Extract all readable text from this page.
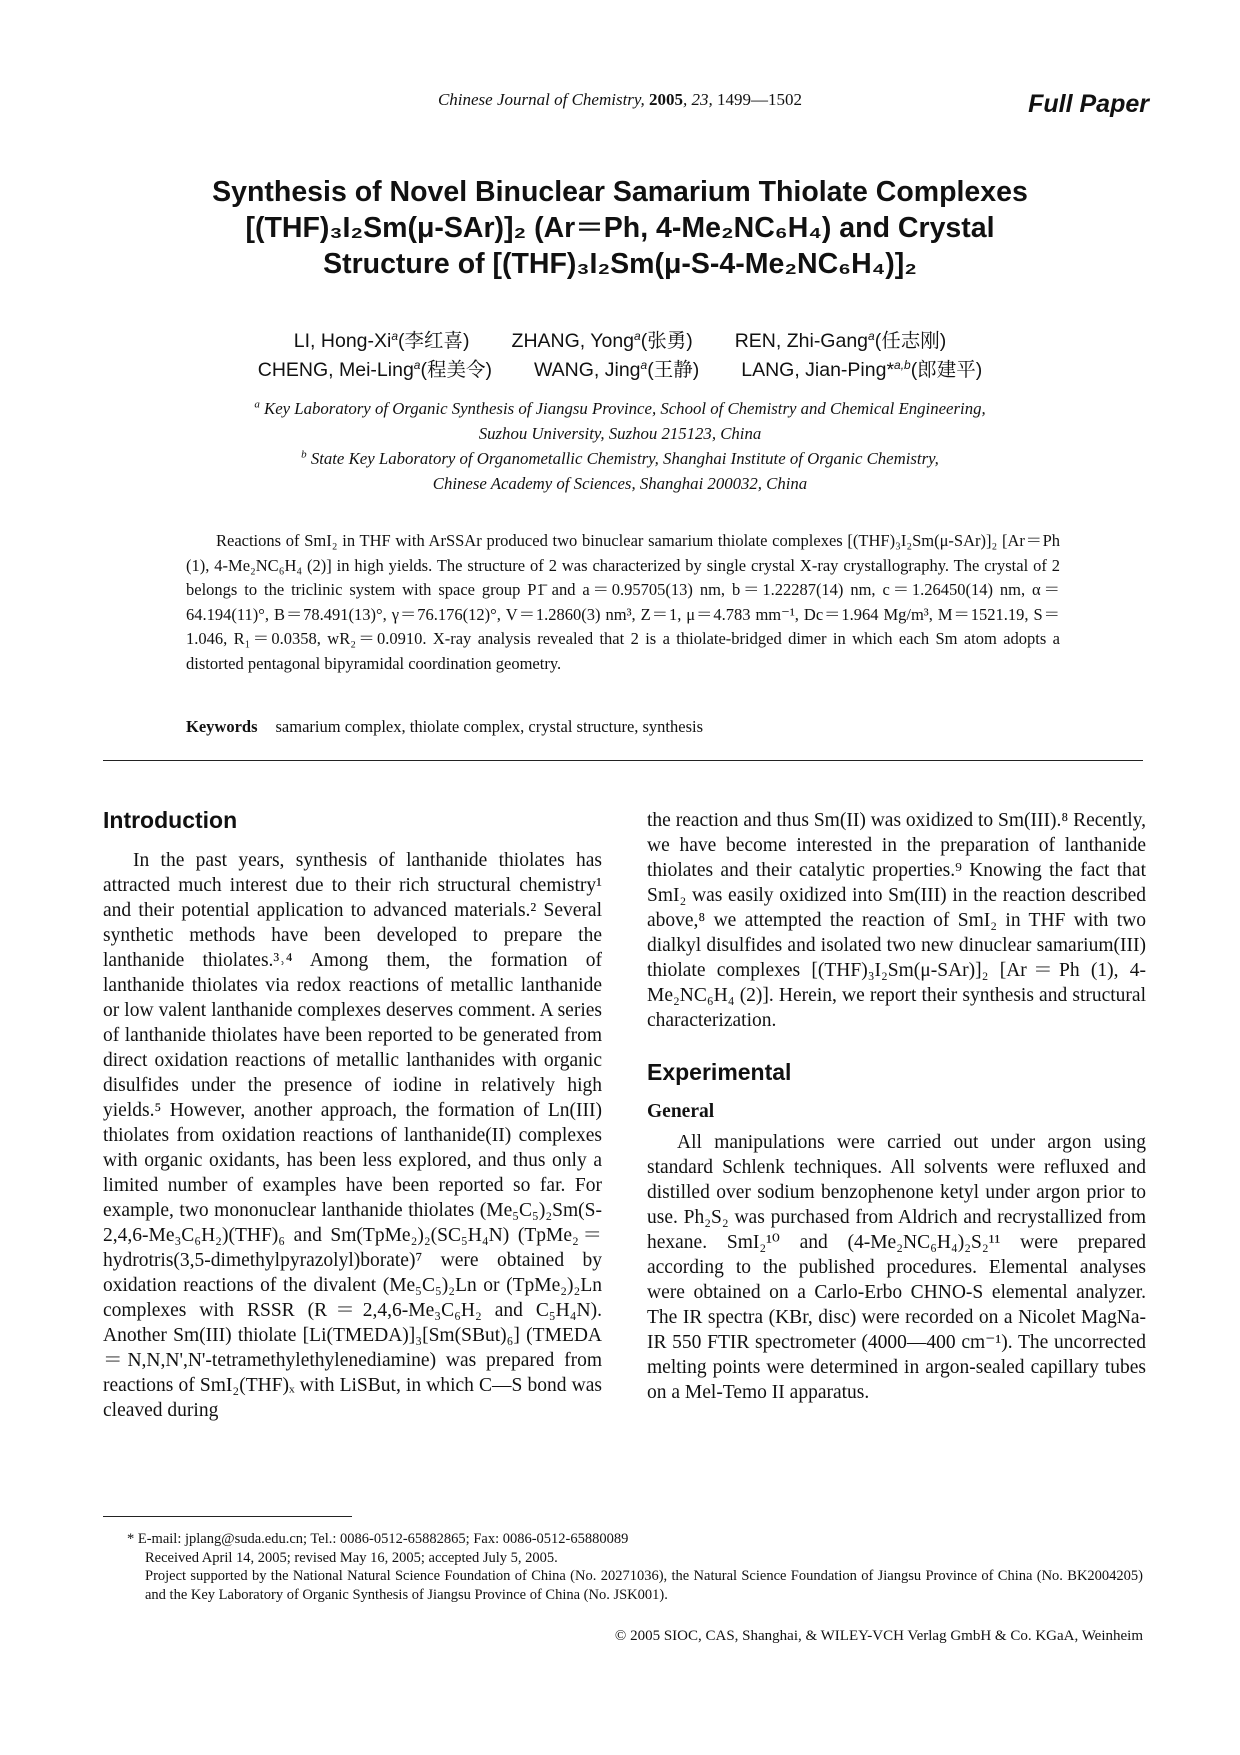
Chinese Journal of Chemistry, 2005, 23, 1499—1502	Full Paper
Synthesis of Novel Binuclear Samarium Thiolate Complexes
[(THF)₃I₂Sm(μ-SAr)]₂ (Ar＝Ph, 4-Me₂NC₆H₄) and Crystal
Structure of [(THF)₃I₂Sm(μ-S-4-Me₂NC₆H₄)]₂
LI, Hong-Xi$^a$(李红喜) ZHANG, Yong$^a$(张勇) REN, Zhi-Gang$^a$(任志刚)
CHENG, Mei-Ling$^a$(程美令) WANG, Jing$^a$(王静) LANG, Jian-Ping*$^{a,b}$(郎建平)
$^a$ Key Laboratory of Organic Synthesis of Jiangsu Province, School of Chemistry and Chemical Engineering,
Suzhou University, Suzhou 215123, China
$^b$ State Key Laboratory of Organometallic Chemistry, Shanghai Institute of Organic Chemistry,
Chinese Academy of Sciences, Shanghai 200032, China

Reactions of SmI₂ in THF with ArSSAr produced two binuclear samarium thiolate complexes [(THF)₃I₂Sm(μ-SAr)]₂ [Ar＝Ph (1), 4-Me₂NC₆H₄ (2)] in high yields. The structure of 2 was characterized by single crystal X-ray crystallography. The crystal of 2 belongs to the triclinic system with space group P1̄ and a＝0.95705(13) nm, b＝1.22287(14) nm, c＝1.26450(14) nm, α＝64.194(11)°, B＝78.491(13)°, γ＝76.176(12)°, V＝1.2860(3) nm³, Z＝1, μ＝4.783 mm⁻¹, Dc＝1.964 Mg/m³, M＝1521.19, S＝1.046, R₁＝0.0358, wR₂＝0.0910. X-ray analysis revealed that 2 is a thiolate-bridged dimer in which each Sm atom adopts a distorted pentagonal bipyramidal coordination geometry.

Keywords samarium complex, thiolate complex, crystal structure, synthesis
Introduction

In the past years, synthesis of lanthanide thiolates has attracted much interest due to their rich structural chemistry¹ and their potential application to advanced materials.² Several synthetic methods have been developed to prepare the lanthanide thiolates.³˒⁴ Among them, the formation of lanthanide thiolates via redox reactions of metallic lanthanide or low valent lanthanide complexes deserves comment. A series of lanthanide thiolates have been reported to be generated from direct oxidation reactions of metallic lanthanides with organic disulfides under the presence of iodine in relatively high yields.⁵ However, another approach, the formation of Ln(III) thiolates from oxidation reactions of lanthanide(II) complexes with organic oxidants, has been less explored, and thus only a limited number of examples have been reported so far. For example, two mononuclear lanthanide thiolates (Me₅C₅)₂Sm(S-2,4,6-Me₃C₆H₂)(THF)₆ and Sm(TpMe₂)₂(SC₅H₄N) (TpMe₂＝hydrotris(3,5-dimethylpyrazolyl)borate)⁷ were obtained by oxidation reactions of the divalent (Me₅C₅)₂Ln or (TpMe₂)₂Ln complexes with RSSR (R＝2,4,6-Me₃C₆H₂ and C₅H₄N). Another Sm(III) thiolate [Li(TMEDA)]₃[Sm(SBut)₆] (TMEDA＝N,N,N',N'-tetramethylethylenediamine) was prepared from reactions of SmI₂(THF)ₓ with LiSBut, in which C—S bond was cleaved during

the reaction and thus Sm(II) was oxidized to Sm(III).⁸ Recently, we have become interested in the preparation of lanthanide thiolates and their catalytic properties.⁹ Knowing the fact that SmI₂ was easily oxidized into Sm(III) in the reaction described above,⁸ we attempted the reaction of SmI₂ in THF with two dialkyl disulfides and isolated two new dinuclear samarium(III) thiolate complexes [(THF)₃I₂Sm(μ-SAr)]₂ [Ar＝Ph (1), 4-Me₂NC₆H₄ (2)]. Herein, we report their synthesis and structural characterization.

Experimental
General

All manipulations were carried out under argon using standard Schlenk techniques. All solvents were refluxed and distilled over sodium benzophenone ketyl under argon prior to use. Ph₂S₂ was purchased from Aldrich and recrystallized from hexane. SmI₂¹⁰ and (4-Me₂NC₆H₄)₂S₂¹¹ were prepared according to the published procedures. Elemental analyses were obtained on a Carlo-Erbo CHNO-S elemental analyzer. The IR spectra (KBr, disc) were recorded on a Nicolet MagNa-IR 550 FTIR spectrometer (4000—400 cm⁻¹). The uncorrected melting points were determined in argon-sealed capillary tubes on a Mel-Temo II apparatus.

* E-mail: jplang@suda.edu.cn; Tel.: 0086-0512-65882865; Fax: 0086-0512-65880089

Received April 14, 2005; revised May 16, 2005; accepted July 5, 2005.

Project supported by the National Natural Science Foundation of China (No. 20271036), the Natural Science Foundation of Jiangsu Province of China (No. BK2004205) and the Key Laboratory of Organic Synthesis of Jiangsu Province of China (No. JSK001).

© 2005 SIOC, CAS, Shanghai, & WILEY-VCH Verlag GmbH & Co. KGaA, Weinheim
